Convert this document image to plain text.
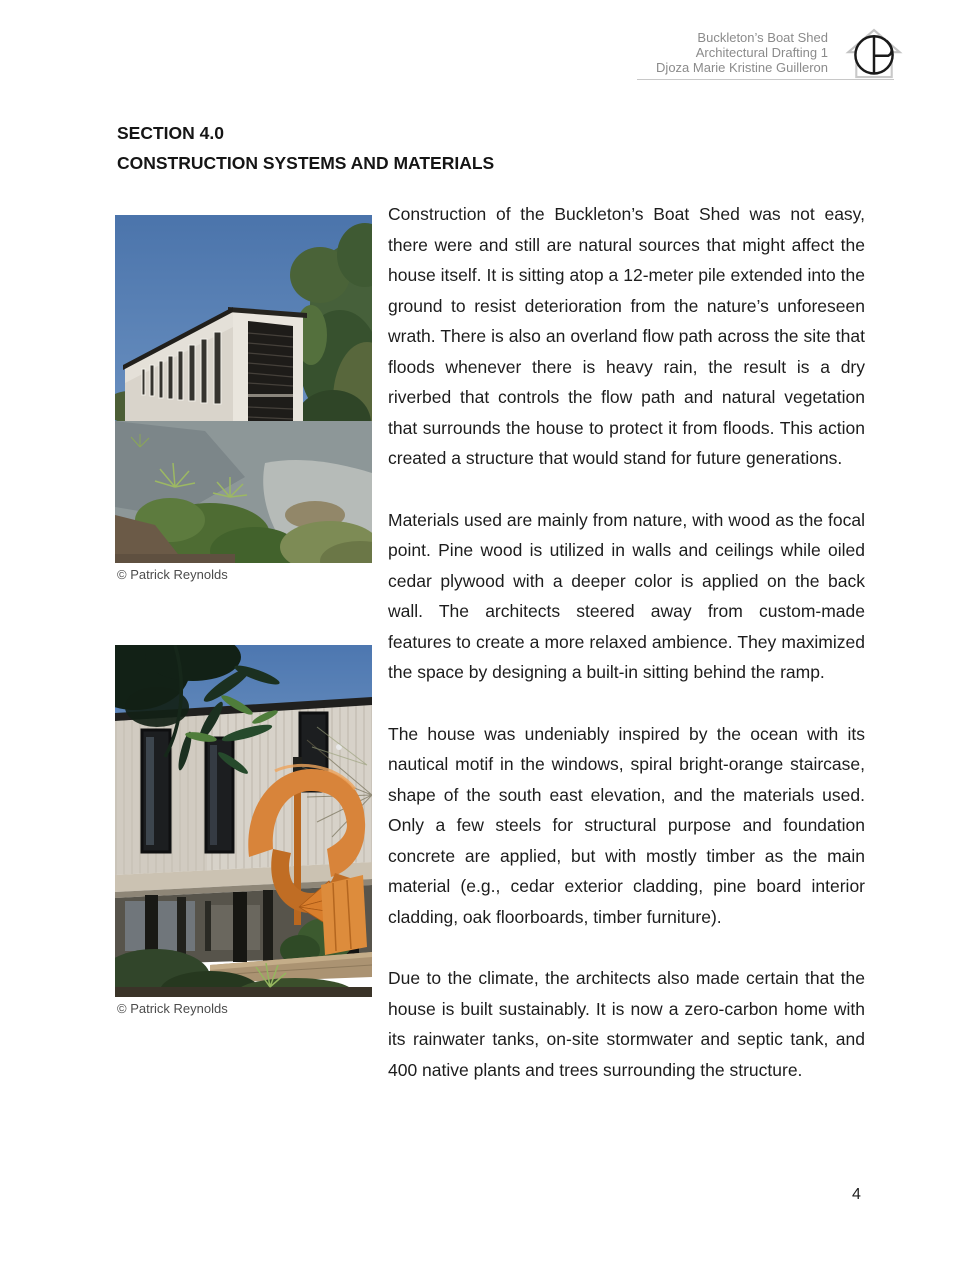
Buckleton’s Boat Shed
Architectural Drafting 1
Djoza Marie Kristine Guilleron
SECTION 4.0
CONSTRUCTION SYSTEMS AND MATERIALS
© Patrick Reynolds
© Patrick Reynolds

Construction of the Buckleton’s Boat Shed was not easy, there were and still are natural sources that might affect the house itself. It is sitting atop a 12-meter pile extended into the ground to resist deterioration from the nature’s unforeseen wrath. There is also an overland flow path across the site that floods whenever there is heavy rain, the result is a dry riverbed that controls the flow path and natural vegetation that surrounds the house to protect it from floods. This action created a structure that would stand for future generations.

Materials used are mainly from nature, with wood as the focal point. Pine wood is utilized in walls and ceilings while oiled cedar plywood with a deeper color is applied on the back wall. The architects steered away from custom-made features to create a more relaxed ambience. They maximized the space by designing a built-in sitting behind the ramp.

The house was undeniably inspired by the ocean with its nautical motif in the windows, spiral bright-orange staircase, shape of the south east elevation, and the materials used. Only a few steels for structural purpose and foundation concrete are applied, but with mostly timber as the main material (e.g., cedar exterior cladding, pine board interior cladding, oak floorboards, timber furniture).

Due to the climate, the architects also made certain that the house is built sustainably. It is now a zero-carbon home with its rainwater tanks, on-site stormwater and septic tank, and 400 native plants and trees surrounding the structure.

4
